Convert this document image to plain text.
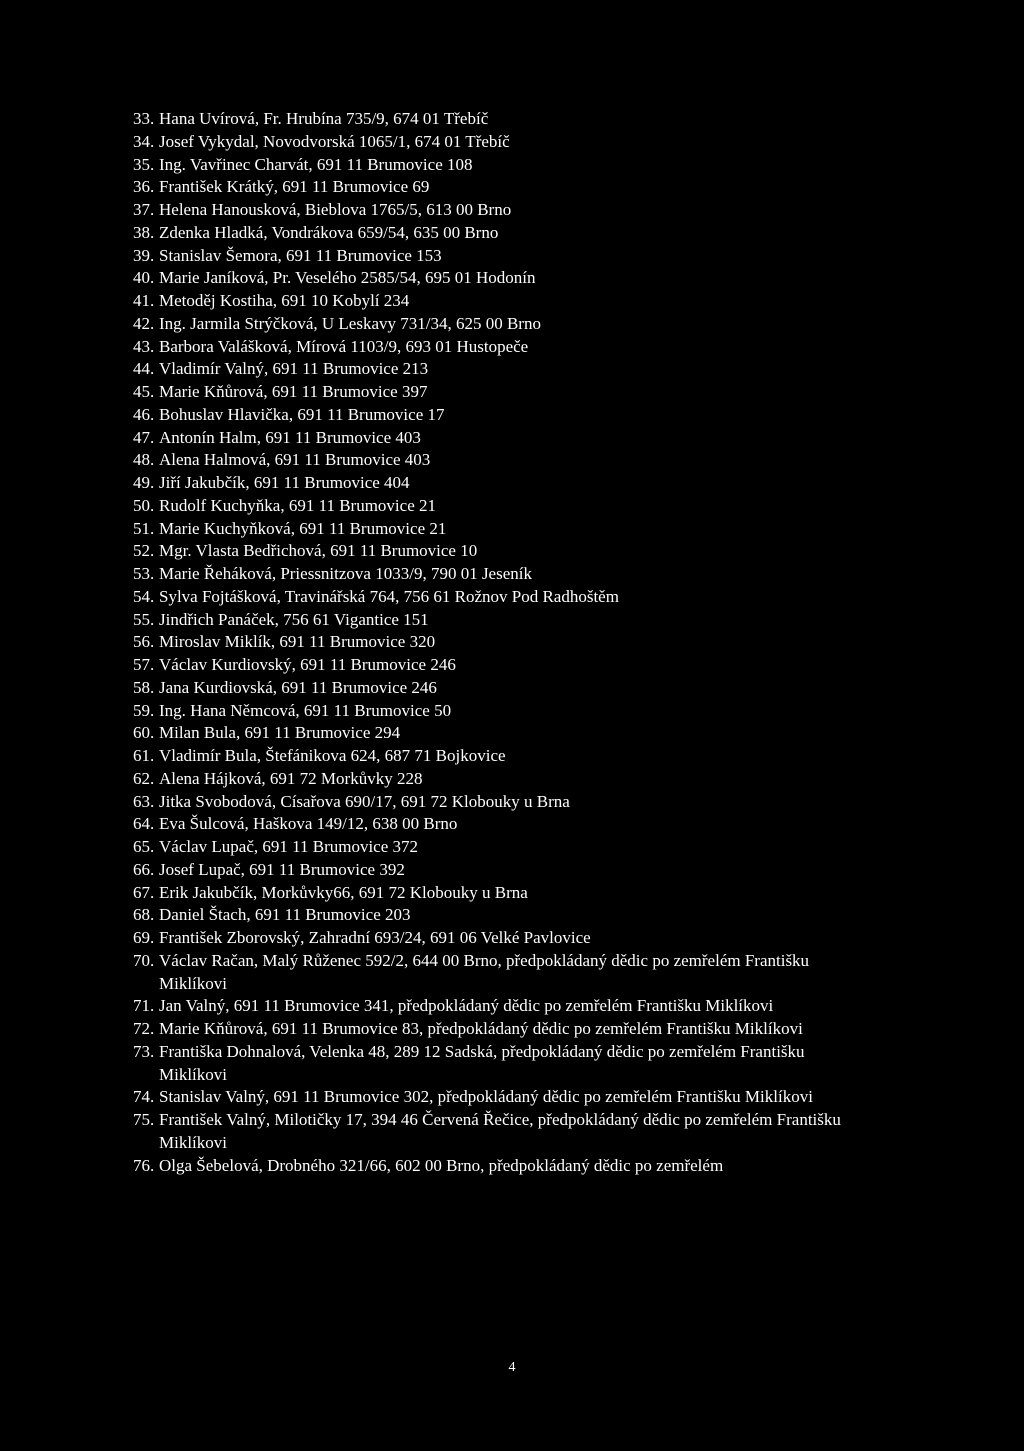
33. Hana Uvírová, Fr. Hrubína 735/9, 674 01 Třebíč
34. Josef Vykydal, Novodvorská 1065/1, 674 01 Třebíč
35. Ing. Vavřinec Charvát, 691 11 Brumovice 108
36. František Krátký, 691 11 Brumovice 69
37. Helena Hanousková, Bieblova 1765/5, 613 00 Brno
38. Zdenka Hladká, Vondrákova 659/54, 635 00 Brno
39. Stanislav Šemora, 691 11 Brumovice 153
40. Marie Janíková, Pr. Veselého 2585/54, 695 01 Hodonín
41. Metoděj Kostiha, 691 10 Kobylí 234
42. Ing. Jarmila Strýčková, U Leskavy 731/34, 625 00 Brno
43. Barbora Valášková, Mírová 1103/9, 693 01 Hustopeče
44. Vladimír Valný, 691 11 Brumovice 213
45. Marie Kňůrová, 691 11 Brumovice 397
46. Bohuslav Hlavička, 691 11 Brumovice 17
47. Antonín Halm, 691 11 Brumovice 403
48. Alena Halmová, 691 11 Brumovice 403
49. Jiří Jakubčík, 691 11 Brumovice 404
50. Rudolf Kuchyňka, 691 11 Brumovice 21
51. Marie Kuchyňková, 691 11 Brumovice 21
52. Mgr. Vlasta Bedřichová, 691 11 Brumovice 10
53. Marie Řeháková, Priessnitzova 1033/9, 790 01 Jeseník
54. Sylva Fojtášková, Travinářská 764, 756 61 Rožnov Pod Radhoštěm
55. Jindřich Panáček, 756 61 Vigantice 151
56. Miroslav Miklík, 691 11 Brumovice 320
57. Václav Kurdiovský, 691 11 Brumovice 246
58. Jana Kurdiovská, 691 11 Brumovice 246
59. Ing. Hana Němcová, 691 11 Brumovice 50
60. Milan Bula, 691 11 Brumovice 294
61. Vladimír Bula, Štefánikova 624, 687 71 Bojkovice
62. Alena Hájková, 691 72 Morkůvky 228
63. Jitka Svobodová, Císařova 690/17, 691 72 Klobouky u Brna
64. Eva Šulcová, Haškova 149/12, 638 00 Brno
65. Václav Lupač, 691 11 Brumovice 372
66. Josef Lupač, 691 11 Brumovice 392
67. Erik Jakubčík, Morkůvky66, 691 72 Klobouky u Brna
68. Daniel Štach, 691 11 Brumovice 203
69. František Zborovský, Zahradní 693/24, 691 06 Velké Pavlovice
70. Václav Račan, Malý Růženec 592/2, 644 00 Brno, předpokládaný dědic po zemřelém Františku Miklíkovi
71. Jan Valný, 691 11 Brumovice 341, předpokládaný dědic po zemřelém Františku Miklíkovi
72. Marie Kňůrová, 691 11 Brumovice 83, předpokládaný dědic po zemřelém Františku Miklíkovi
73. Františka Dohnalová, Velenka 48, 289 12 Sadská, předpokládaný dědic po zemřelém Františku Miklíkovi
74. Stanislav Valný, 691 11 Brumovice 302, předpokládaný dědic po zemřelém Františku Miklíkovi
75. František Valný, Milotičky 17, 394 46 Červená Řečice, předpokládaný dědic po zemřelém Františku Miklíkovi
76. Olga Šebelová, Drobného 321/66, 602 00 Brno, předpokládaný dědic po zemřelém
4
